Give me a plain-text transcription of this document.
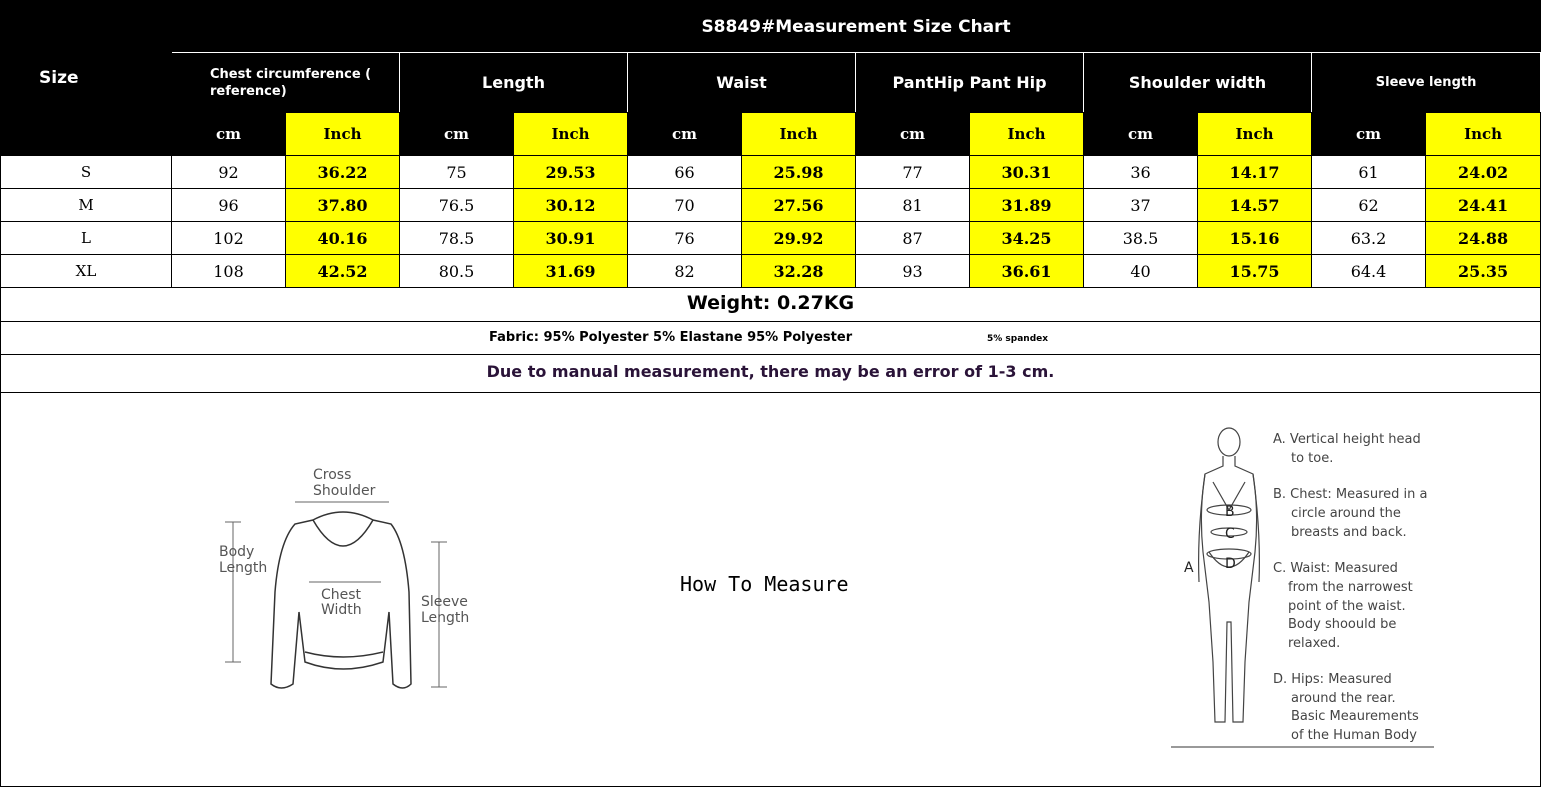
Size	S8849#Measurement Size Chart											
	Chest circumference ( reference)		Length		Waist		PantHip Pant Hip		Shoulder width		Sleeve length	
	cm	Inch	cm	Inch	cm	Inch	cm	Inch	cm	Inch	cm	Inch
S	92	36.22	75	29.53	66	25.98	77	30.31	36	14.17	61	24.02
M	96	37.80	76.5	30.12	70	27.56	81	31.89	37	14.57	62	24.41
L	102	40.16	78.5	30.91	76	29.92	87	34.25	38.5	15.16	63.2	24.88
XL	108	42.52	80.5	31.69	82	32.28	93	36.61	40	15.75	64.4	25.35
Weight: 0.27KG
Fabric: 95% Polyester 5% Elastane 95% Polyester	5% spandex
Due to manual measurement, there may be an error of 1-3 cm.
Cross
Shoulder
Body
Length
Chest
Width	Sleeve
Length
How To Measure
B
C
D
A
A. Vertical height head
to toe.
B. Chest: Measured in a
circle around the
breasts and back.
C. Waist: Measured
from the narrowest
point of the waist.
Body shoould be
relaxed.
D. Hips: Measured
around the rear.
Basic Meaurements
of the Human Body
